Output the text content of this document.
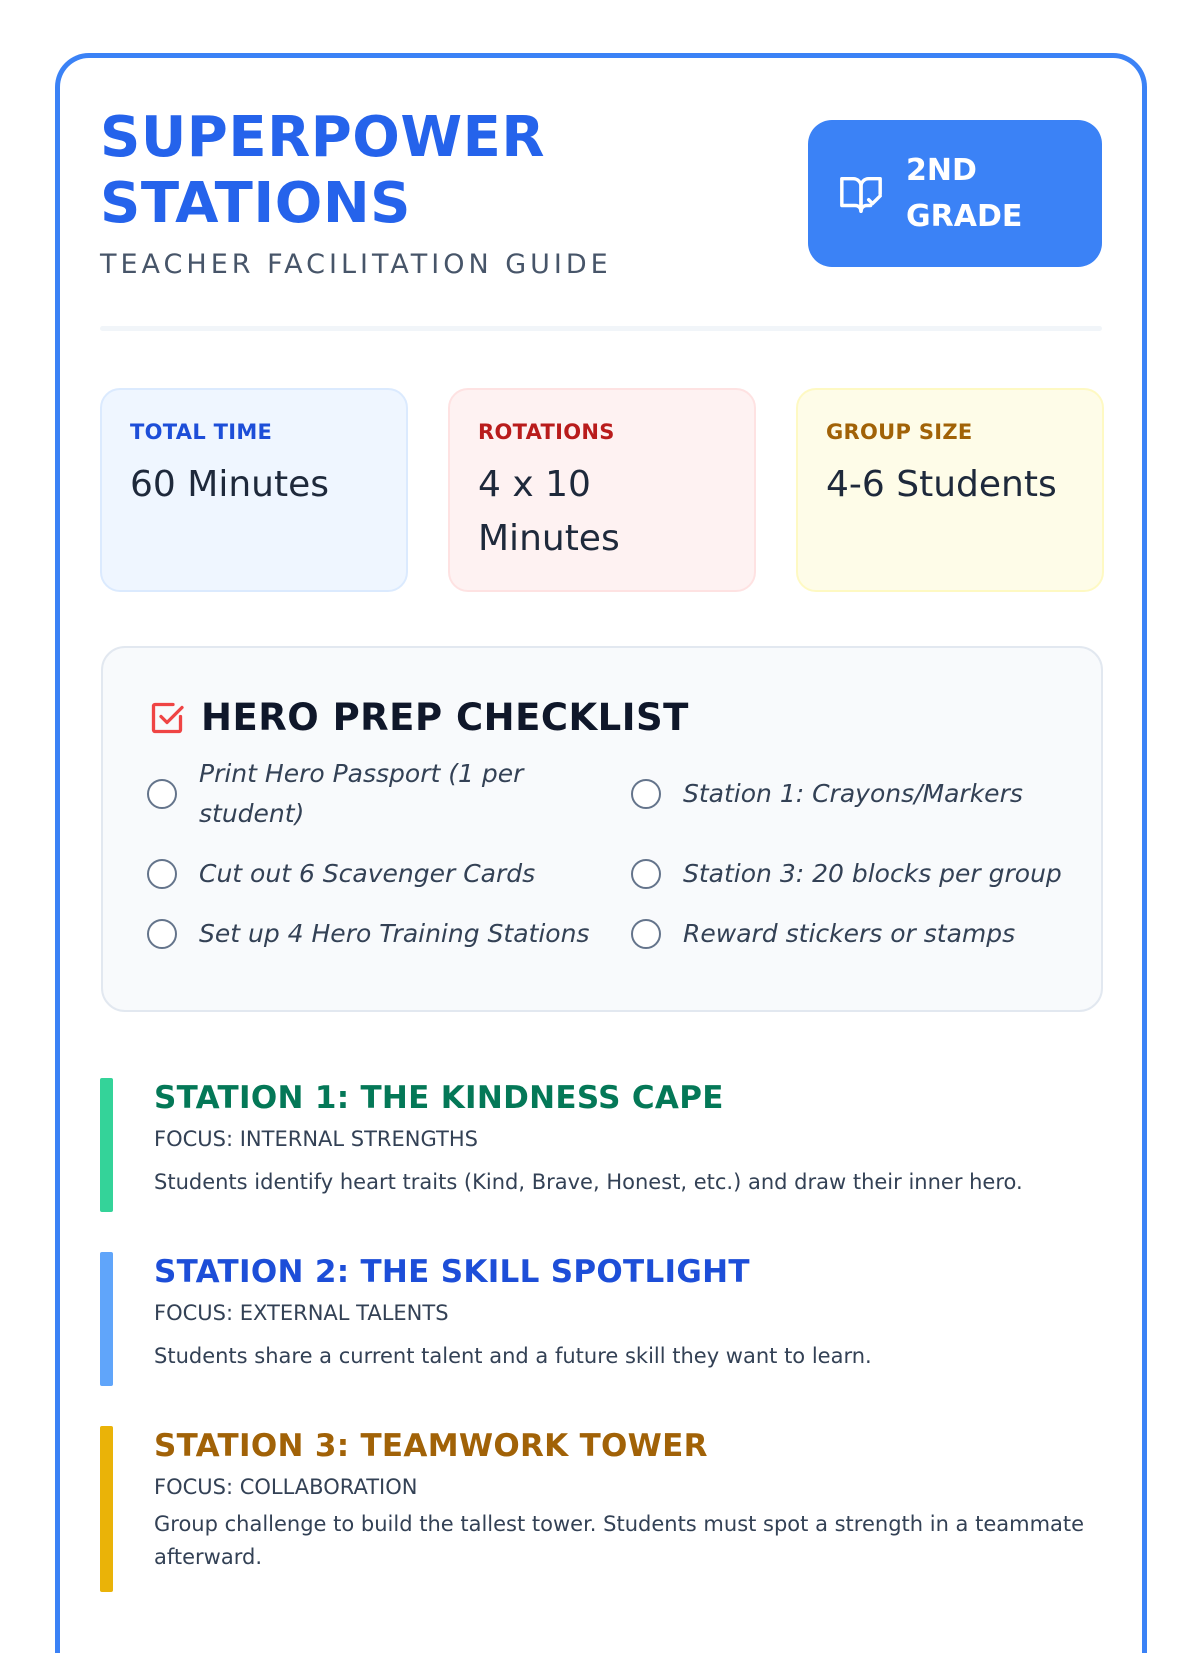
SUPERPOWER
STATIONS
TEACHER FACILITATION GUIDE
2ND
GRADE
TOTAL TIME
60 Minutes
ROTATIONS
4 x 10 Minutes
GROUP SIZE
4-6 Students
HERO PREP CHECKLIST
Print Hero Passport (1 per student)
Station 1: Crayons/Markers
Cut out 6 Scavenger Cards	Station 3: 20 blocks per group
Set up 4 Hero Training Stations	Reward stickers or stamps
STATION 1: THE KINDNESS CAPE
FOCUS: INTERNAL STRENGTHS
Students identify heart traits (Kind, Brave, Honest, etc.) and draw their inner hero.
STATION 2: THE SKILL SPOTLIGHT
FOCUS: EXTERNAL TALENTS
Students share a current talent and a future skill they want to learn.
STATION 3: TEAMWORK TOWER
FOCUS: COLLABORATION
Group challenge to build the tallest tower. Students must spot a strength in a teammate afterward.
